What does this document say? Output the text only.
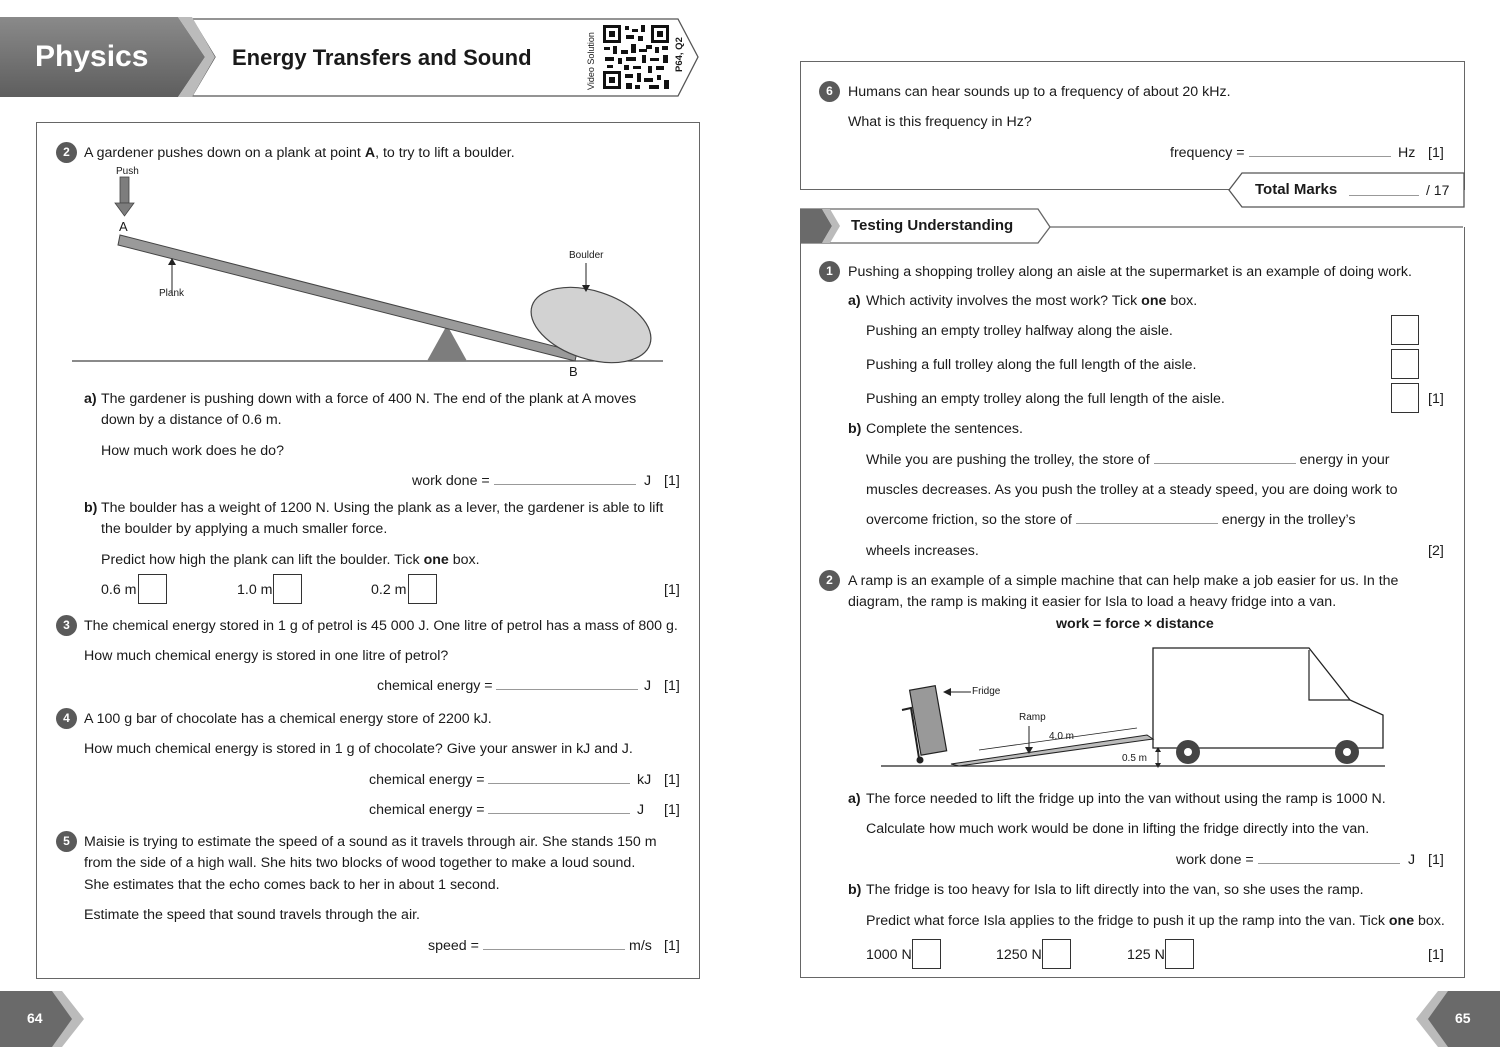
Physics	Energy Transfers and Sound	Video Solution	P64, Q2
2 A gardener pushes down on a plank at point A, to try to lift a boulder.
Push
A
Plank
Boulder
B
a) The gardener is pushing down with a force of 400 N. The end of the plank at A moves
down by a distance of 0.6 m.
How much work does he do?
work done =	J [1]
b) The boulder has a weight of 1200 N. Using the plank as a lever, the gardener is able to lift
the boulder by applying a much smaller force.
Predict how high the plank can lift the boulder. Tick one box.
0.6 m	1.0 m	0.2 m	[1]
3 The chemical energy stored in 1 g of petrol is 45 000 J. One litre of petrol has a mass of 800 g.
How much chemical energy is stored in one litre of petrol?
chemical energy =	J [1]
4 A 100 g bar of chocolate has a chemical energy store of 2200 kJ.
How much chemical energy is stored in 1 g of chocolate? Give your answer in kJ and J.
chemical energy =	kJ [1]
chemical energy =	J [1]
5 Maisie is trying to estimate the speed of a sound as it travels through air. She stands 150 m
from the side of a high wall. She hits two blocks of wood together to make a loud sound.
She estimates that the echo comes back to her in about 1 second.
Estimate the speed that sound travels through the air.
speed =	m/s [1]
64
6	Humans can hear sounds up to a frequency of about 20 kHz.
What is this frequency in Hz?
frequency =	Hz [1]
Total Marks	/ 17
Testing Understanding
1	Pushing a shopping trolley along an aisle at the supermarket is an example of doing work.
a) Which activity involves the most work? Tick one box.
Pushing an empty trolley halfway along the aisle.
Pushing a full trolley along the full length of the aisle.
Pushing an empty trolley along the full length of the aisle.	[1]
b) Complete the sentences.
While you are pushing the trolley, the store of	energy in your
muscles decreases. As you push the trolley at a steady speed, you are doing work to
overcome friction, so the store of	energy in the trolley’s
wheels increases.	[2]
2	A ramp is an example of a simple machine that can help make a job easier for us. In the
diagram, the ramp is making it easier for Isla to load a heavy fridge into a van.
work = force × distance
Fridge
Ramp
4.0 m
0.5 m
a) The force needed to lift the fridge up into the van without using the ramp is 1000 N.
Calculate how much work would be done in lifting the fridge directly into the van.
work done =	J [1]
b) The fridge is too heavy for Isla to lift directly into the van, so she uses the ramp.
Predict what force Isla applies to the fridge to push it up the ramp into the van. Tick one box.
1000 N	1250 N	125 N	[1]
65
